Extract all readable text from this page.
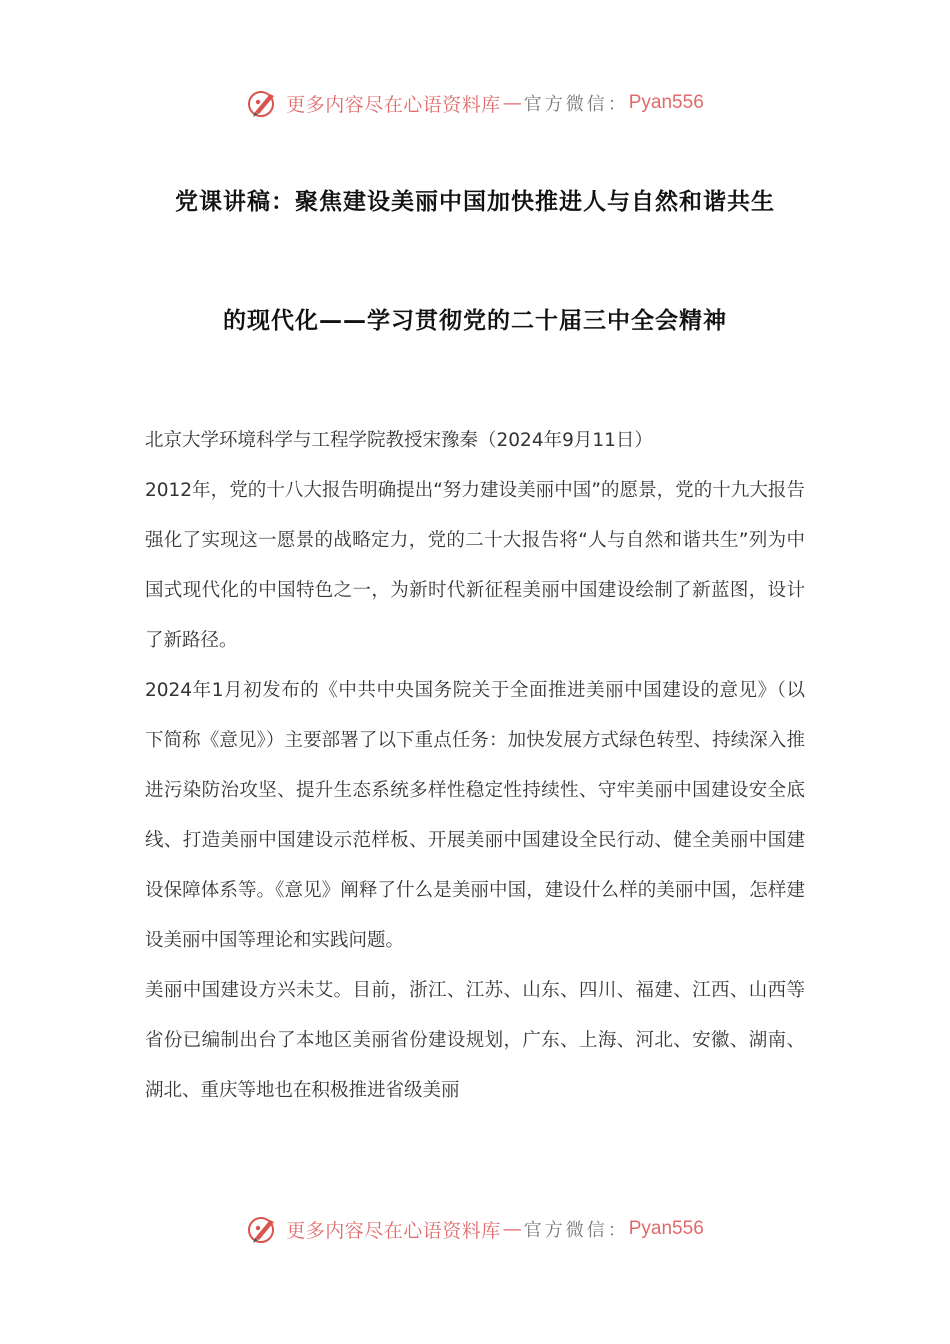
更多内容尽在心语资料库 — 官方微信： Pyan556
党课讲稿：聚焦建设美丽中国加快推进人与自然和谐共生
的现代化——学习贯彻党的二十届三中全会精神

北京大学环境科学与工程学院教授宋豫秦（2024年9月11日）

2012年，党的十八大报告明确提出“努力建设美丽中国”的愿景，党的十九大报告强化了实现这一愿景的战略定力，党的二十大报告将“人与自然和谐共生”列为中国式现代化的中国特色之一，为新时代新征程美丽中国建设绘制了新蓝图，设计了新路径。

2024年1月初发布的《中共中央国务院关于全面推进美丽中国建设的意见》（以下简称《意见》）主要部署了以下重点任务：加快发展方式绿色转型、持续深入推进污染防治攻坚、提升生态系统多样性稳定性持续性、守牢美丽中国建设安全底线、打造美丽中国建设示范样板、开展美丽中国建设全民行动、健全美丽中国建设保障体系等。《意见》阐释了什么是美丽中国，建设什么样的美丽中国，怎样建设美丽中国等理论和实践问题。

美丽中国建设方兴未艾。目前，浙江、江苏、山东、四川、福建、江西、山西等省份已编制出台了本地区美丽省份建设规划，广东、上海、河北、安徽、湖南、湖北、重庆等地也在积极推进省级美丽

更多内容尽在心语资料库 — 官方微信： Pyan556
